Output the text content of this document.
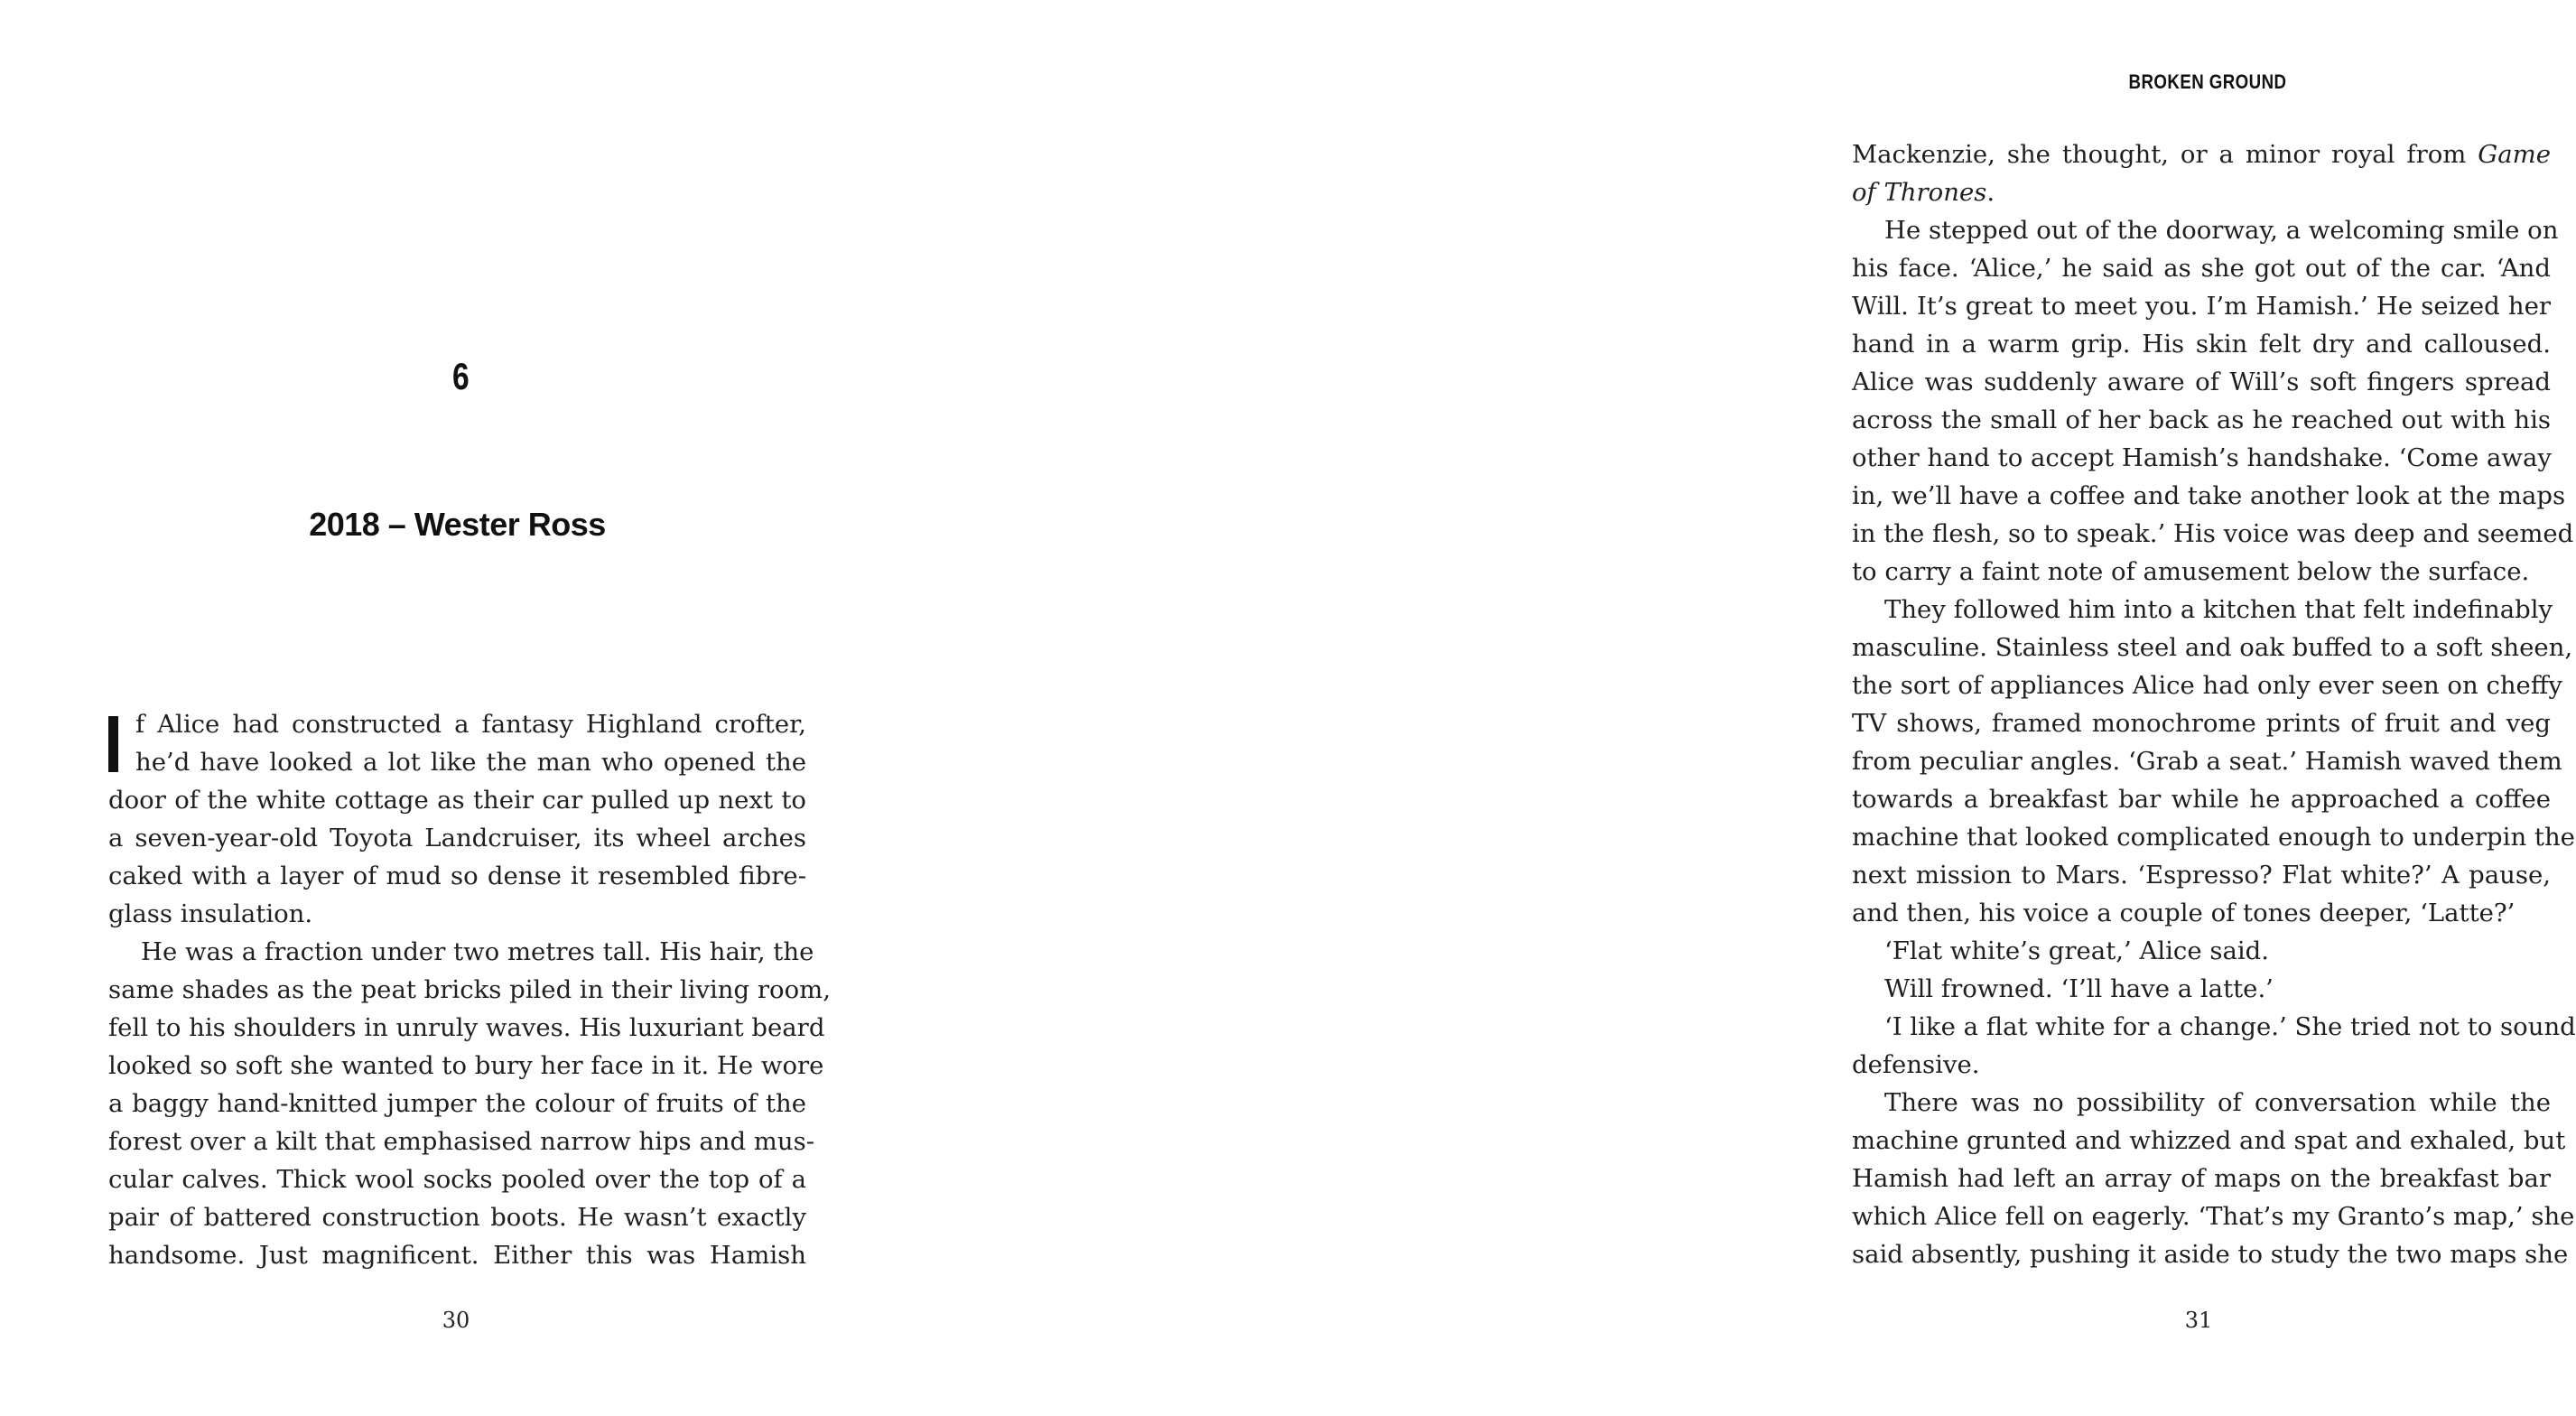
6
2018 – Wester Ross
f Alice had constructed a fantasy Highland crofter,
he’d have looked a lot like the man who opened the
door of the white cottage as their car pulled up next to
a seven-year-old Toyota Landcruiser, its wheel arches
caked with a layer of mud so dense it resembled fibre-
glass insulation.
He was a fraction under two metres tall. His hair, the
same shades as the peat bricks piled in their living room,
fell to his shoulders in unruly waves. His luxuriant beard
looked so soft she wanted to bury her face in it. He wore
a baggy hand-knitted jumper the colour of fruits of the
forest over a kilt that emphasised narrow hips and mus-
cular calves. Thick wool socks pooled over the top of a
pair of battered construction boots. He wasn’t exactly
handsome. Just magnificent. Either this was Hamish
30
BROKEN GROUND
Mackenzie, she thought, or a minor royal from Game
of Thrones.
He stepped out of the doorway, a welcoming smile on
his face. ‘Alice,’ he said as she got out of the car. ‘And
Will. It’s great to meet you. I’m Hamish.’ He seized her
hand in a warm grip. His skin felt dry and calloused.
Alice was suddenly aware of Will’s soft fingers spread
across the small of her back as he reached out with his
other hand to accept Hamish’s handshake. ‘Come away
in, we’ll have a coffee and take another look at the maps
in the flesh, so to speak.’ His voice was deep and seemed
to carry a faint note of amusement below the surface.
They followed him into a kitchen that felt indefinably
masculine. Stainless steel and oak buffed to a soft sheen,
the sort of appliances Alice had only ever seen on cheffy
TV shows, framed monochrome prints of fruit and veg
from peculiar angles. ‘Grab a seat.’ Hamish waved them
towards a breakfast bar while he approached a coffee
machine that looked complicated enough to underpin the
next mission to Mars. ‘Espresso? Flat white?’ A pause,
and then, his voice a couple of tones deeper, ‘Latte?’
‘Flat white’s great,’ Alice said.
Will frowned. ‘I’ll have a latte.’
‘I like a flat white for a change.’ She tried not to sound
defensive.
There was no possibility of conversation while the
machine grunted and whizzed and spat and exhaled, but
Hamish had left an array of maps on the breakfast bar
which Alice fell on eagerly. ‘That’s my Granto’s map,’ she
said absently, pushing it aside to study the two maps she
31
